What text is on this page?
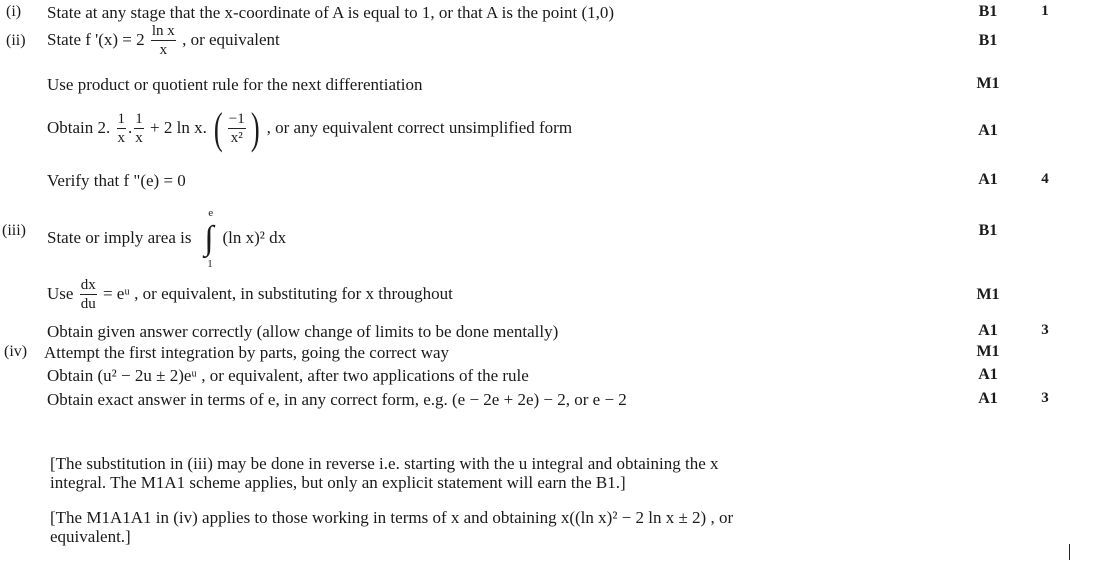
(i) State at any stage that the x-coordinate of A is equal to 1, or that A is the point (1,0)	B1	1
(ii) State f '$(x) = 2 \frac{\text{ln x}}{x}$ , or equivalent	B1
Use product or quotient rule for the next differentiation	M1
Obtain 2. $\frac{1}{x}$ . $\frac{1}{x} + 2$ ln x. ( $\frac{-1}{\text{x²}}$ ) , or any equivalent correct unsimplified form	A1
Verify that f "(e) = 0	A1	4
(iii) State or imply area is ∫
e
1
(ln x)² dx	B1
Use $\frac{dx}{du}$ = eᵘ , or equivalent, in substituting for x throughout	M1
Obtain given answer correctly (allow change of limits to be done mentally)	A1	3
(iv) Attempt the first integration by parts, going the correct way	M1
Obtain (u² − 2u ± 2)eᵘ , or equivalent, after two applications of the rule	A1
Obtain exact answer in terms of e, in any correct form, e.g. (e − 2e + 2e) − 2, or e − 2	A1	3
[The substitution in (iii) may be done in reverse i.e. starting with the u integral and obtaining the x
integral. The M1A1 scheme applies, but only an explicit statement will earn the B1.]
[The M1A1A1 in (iv) applies to those working in terms of x and obtaining x((ln x)² − 2 ln x ± 2) , or
equivalent.]
